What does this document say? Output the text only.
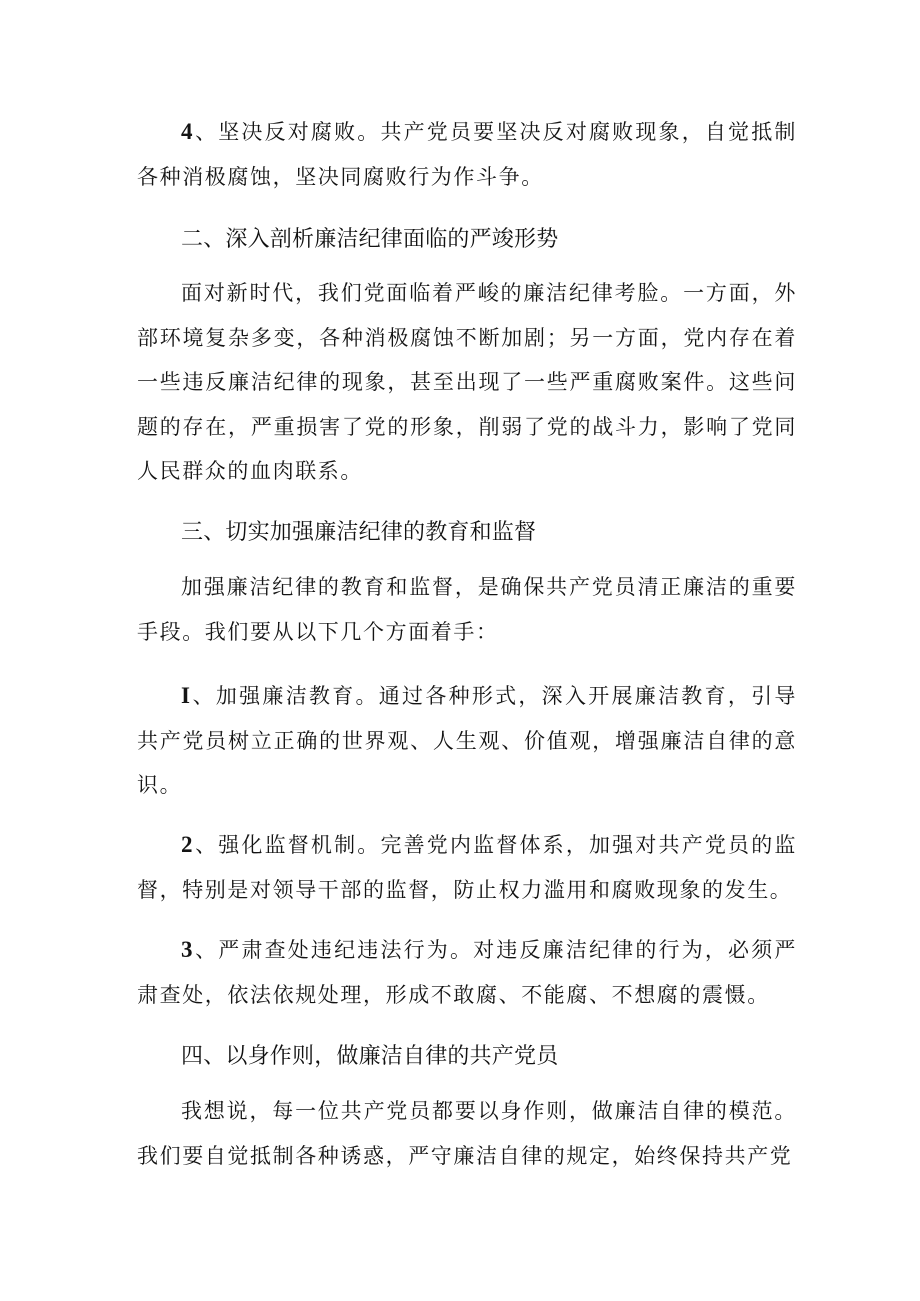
4、坚决反对腐败。共产党员要坚决反对腐败现象，自觉抵制各种消极腐蚀，坚决同腐败行为作斗争。

二、深入剖析廉洁纪律面临的严竣形势

面对新时代，我们党面临着严峻的廉洁纪律考脸。一方面，外部环境复杂多变，各种消极腐蚀不断加剧；另一方面，党内存在着一些违反廉洁纪律的现象，甚至出现了一些严重腐败案件。这些问题的存在，严重损害了党的形象，削弱了党的战斗力，影响了党同人民群众的血肉联系。

三、切实加强廉洁纪律的教育和监督

加强廉洁纪律的教育和监督，是确保共产党员清正廉洁的重要手段。我们要从以下几个方面着手：

I、加强廉洁教育。通过各种形式，深入开展廉洁教育，引导共产党员树立正确的世界观、人生观、价值观，增强廉洁自律的意识。

2、强化监督机制。完善党内监督体系，加强对共产党员的监督，特别是对领导干部的监督，防止权力滥用和腐败现象的发生。

3、严肃查处违纪违法行为。对违反廉洁纪律的行为，必须严肃查处，依法依规处理，形成不敢腐、不能腐、不想腐的震慑。

四、以身作则，做廉洁自律的共产党员

我想说，每一位共产党员都要以身作则，做廉洁自律的模范。我们要自觉抵制各种诱惑，严守廉洁自律的规定，始终保持共产党
